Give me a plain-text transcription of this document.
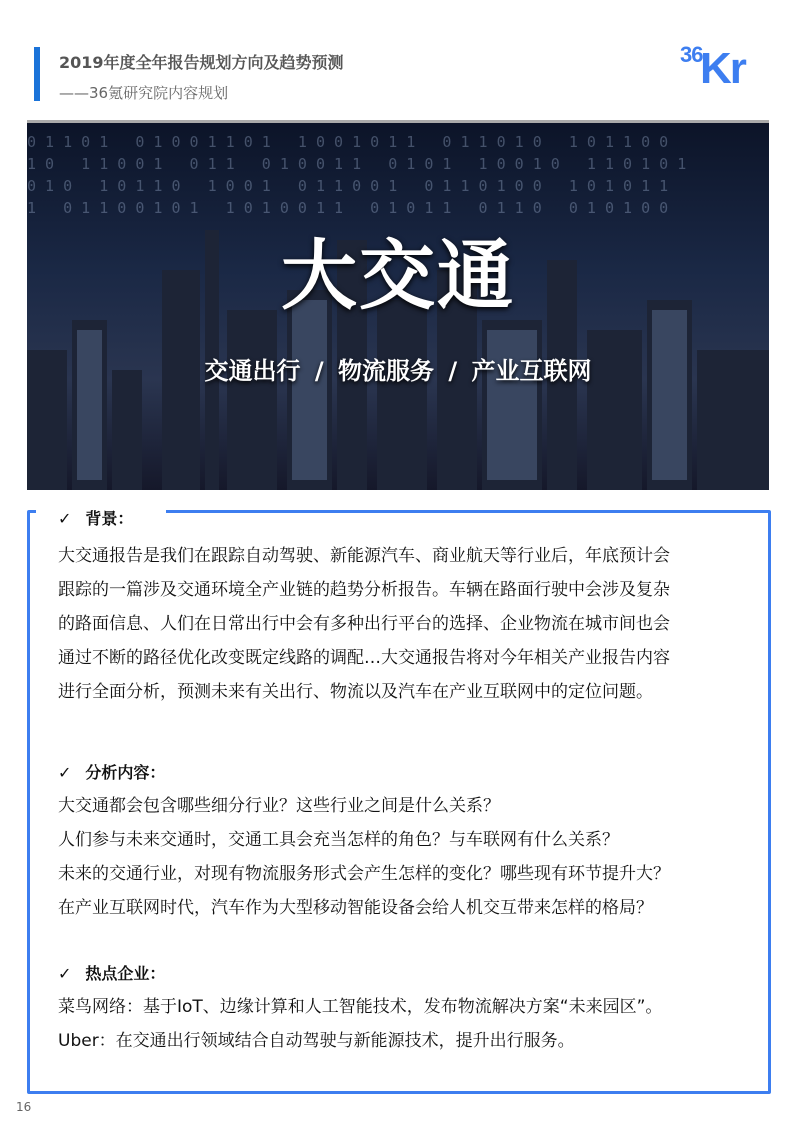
2019年度全年报告规划方向及趋势预测
——36氪研究院内容规划
36
Kr
0 1 1 0 1   0 1 0 0 1 1 0 1   1 0 0 1 0 1 1   0 1 1 0 1 0   1 0 1 1 0 0
1 0   1 1 0 0 1   0 1 1   0 1 0 0 1 1   0 1 0 1   1 0 0 1 0   1 1 0 1 0 1
0 1 0   1 0 1 1 0   1 0 0 1   0 1 1 0 0 1   0 1 1 0 1 0 0   1 0 1 0 1 1
1   0 1 1 0 0 1 0 1   1 0 1 0 0 1 1   0 1 0 1 1   0 1 1 0   0 1 0 1 0 0
大交通
交通出行 / 物流服务 / 产业互联网
✓ 背景：
大交通报告是我们在跟踪自动驾驶、新能源汽车、商业航天等行业后，年底预计会
跟踪的一篇涉及交通环境全产业链的趋势分析报告。车辆在路面行驶中会涉及复杂
的路面信息、人们在日常出行中会有多种出行平台的选择、企业物流在城市间也会
通过不断的路径优化改变既定线路的调配…大交通报告将对今年相关产业报告内容
进行全面分析，预测未来有关出行、物流以及汽车在产业互联网中的定位问题。
✓ 分析内容：
大交通都会包含哪些细分行业？这些行业之间是什么关系？
人们参与未来交通时，交通工具会充当怎样的角色？与车联网有什么关系？
未来的交通行业，对现有物流服务形式会产生怎样的变化？哪些现有环节提升大？
在产业互联网时代，汽车作为大型移动智能设备会给人机交互带来怎样的格局？
✓ 热点企业：
菜鸟网络：基于IoT、边缘计算和人工智能技术，发布物流解决方案“未来园区”。
Uber：在交通出行领域结合自动驾驶与新能源技术，提升出行服务。
16
